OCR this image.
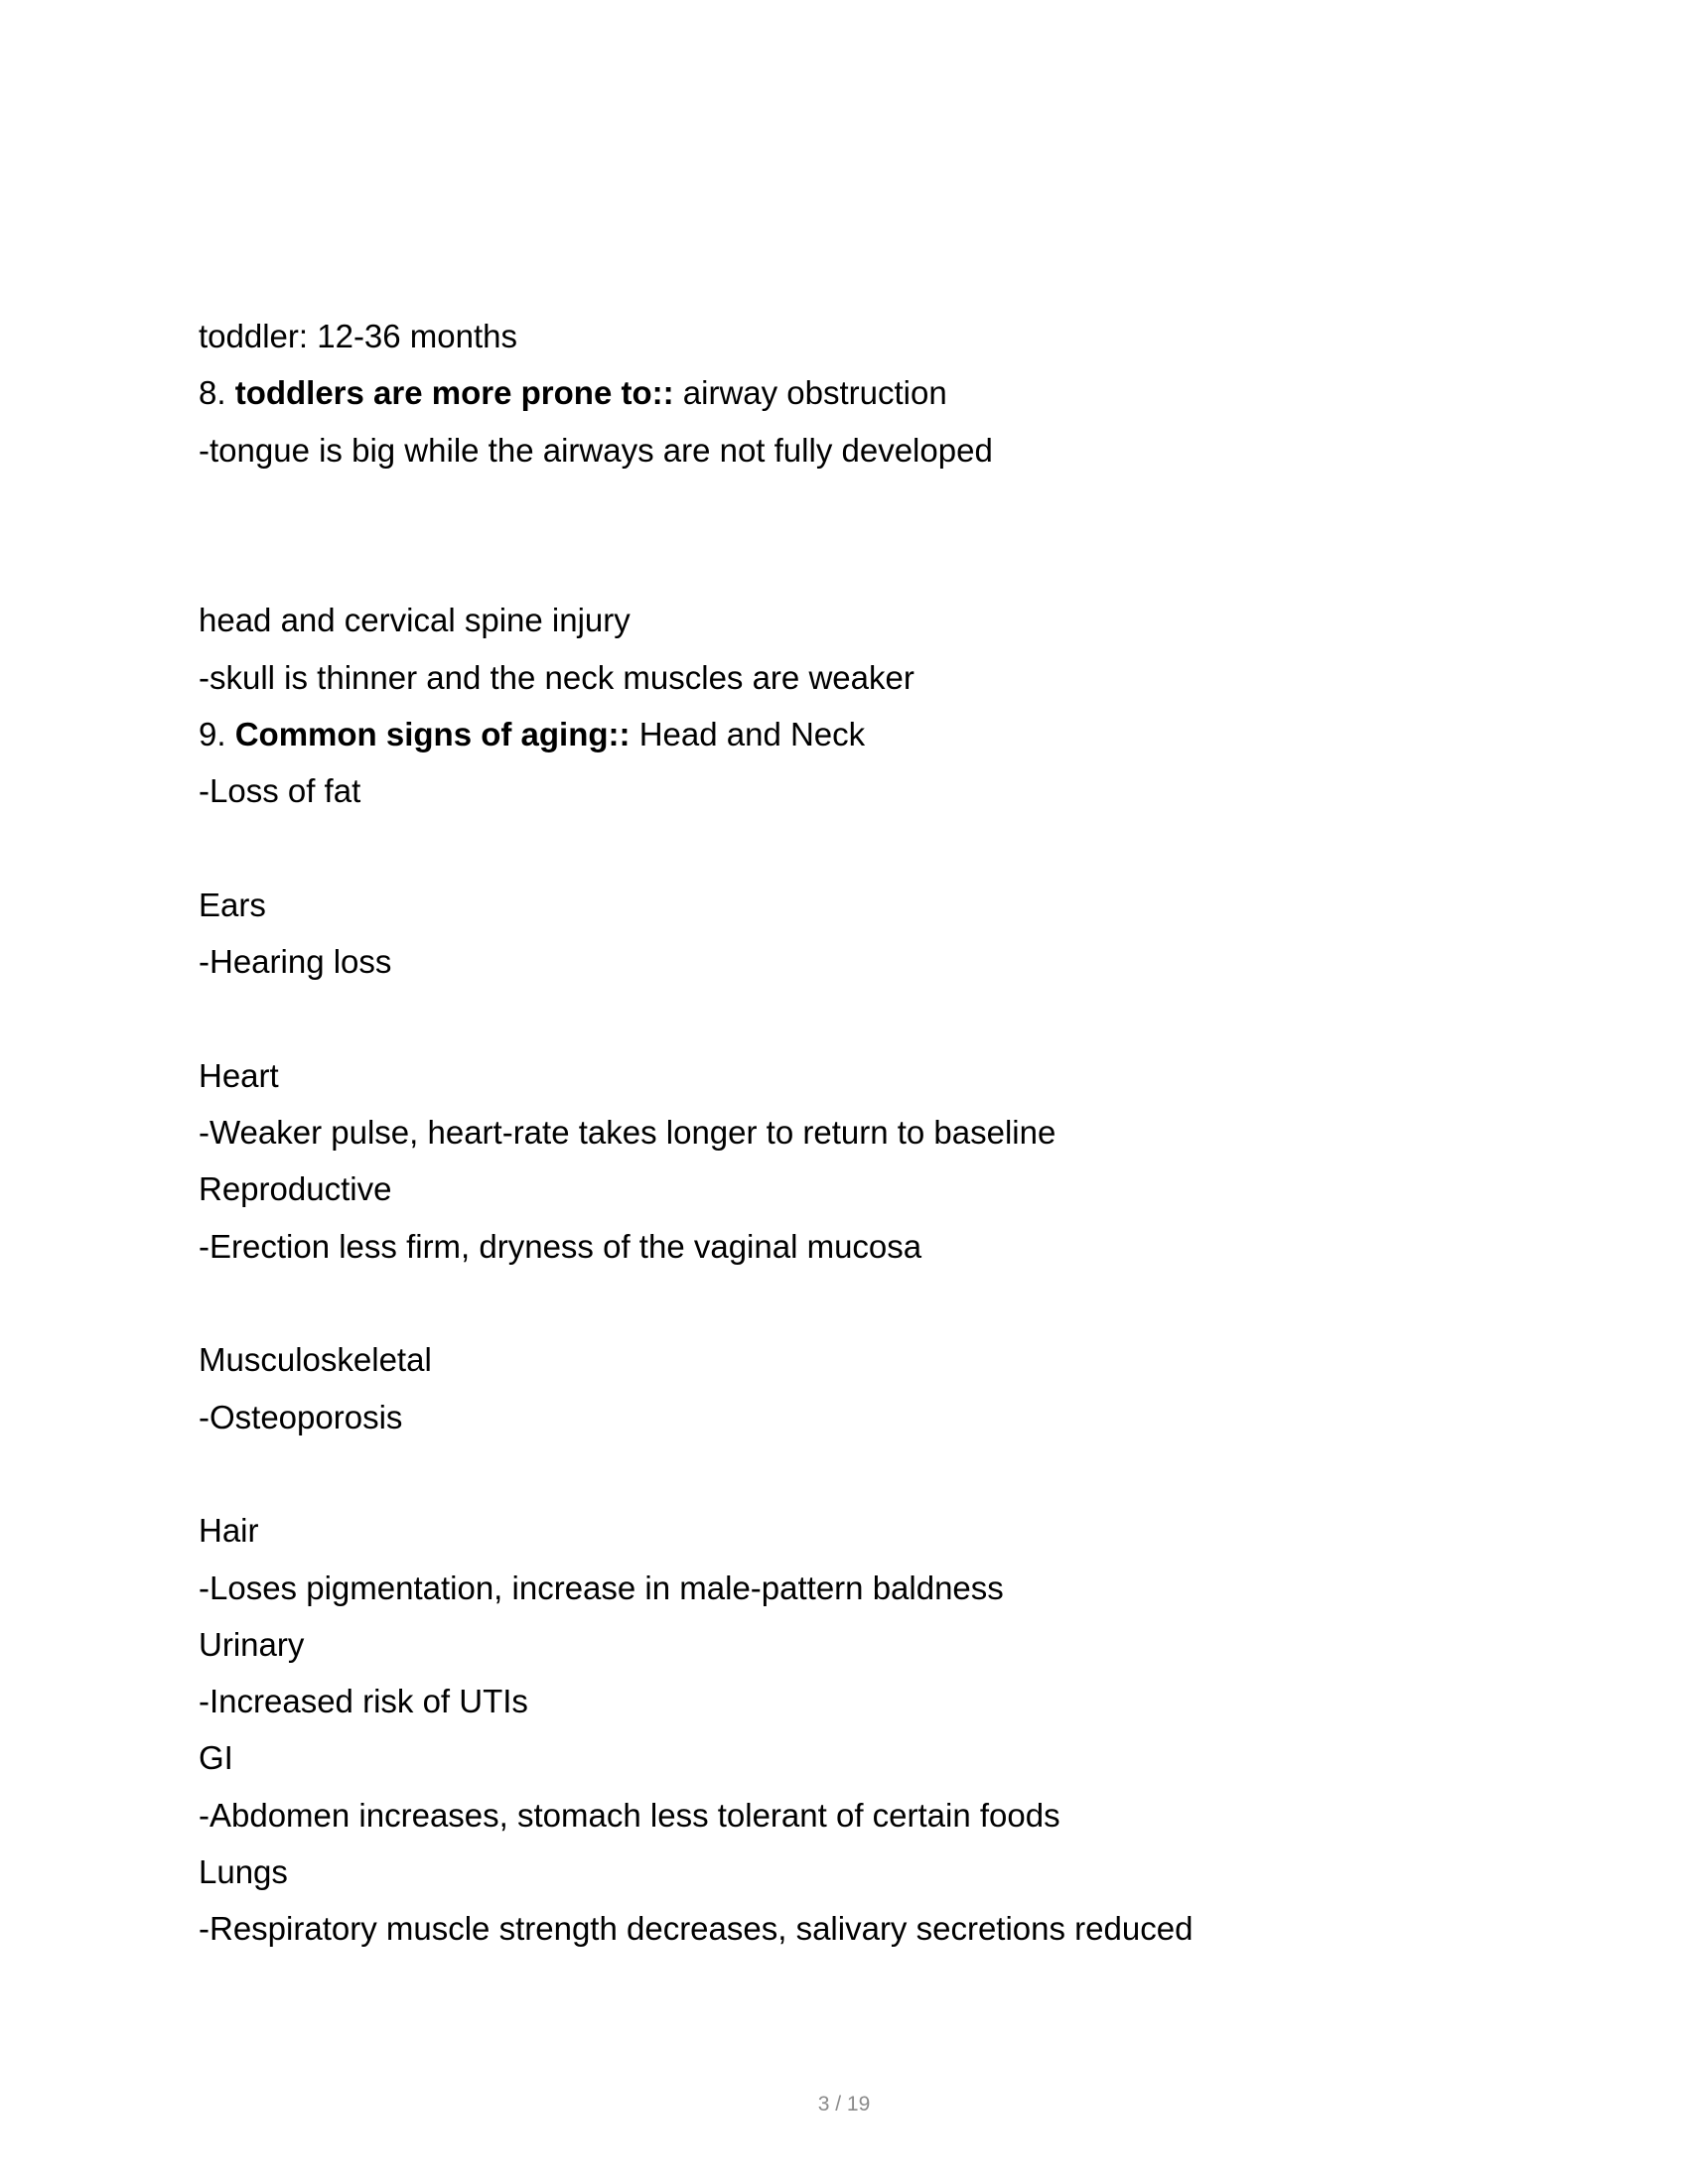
toddler: 12-36 months
8. toddlers are more prone to:: airway obstruction
-tongue is big while the airways are not fully developed
head and cervical spine injury
-skull is thinner and the neck muscles are weaker
9. Common signs of aging:: Head and Neck
-Loss of fat
Ears
-Hearing loss
Heart
-Weaker pulse, heart-rate takes longer to return to baseline
Reproductive
-Erection less firm, dryness of the vaginal mucosa
Musculoskeletal
-Osteoporosis
Hair
-Loses pigmentation, increase in male-pattern baldness
Urinary
-Increased risk of UTIs
GI
-Abdomen increases, stomach less tolerant of certain foods
Lungs
-Respiratory muscle strength decreases, salivary secretions reduced
3 / 19
